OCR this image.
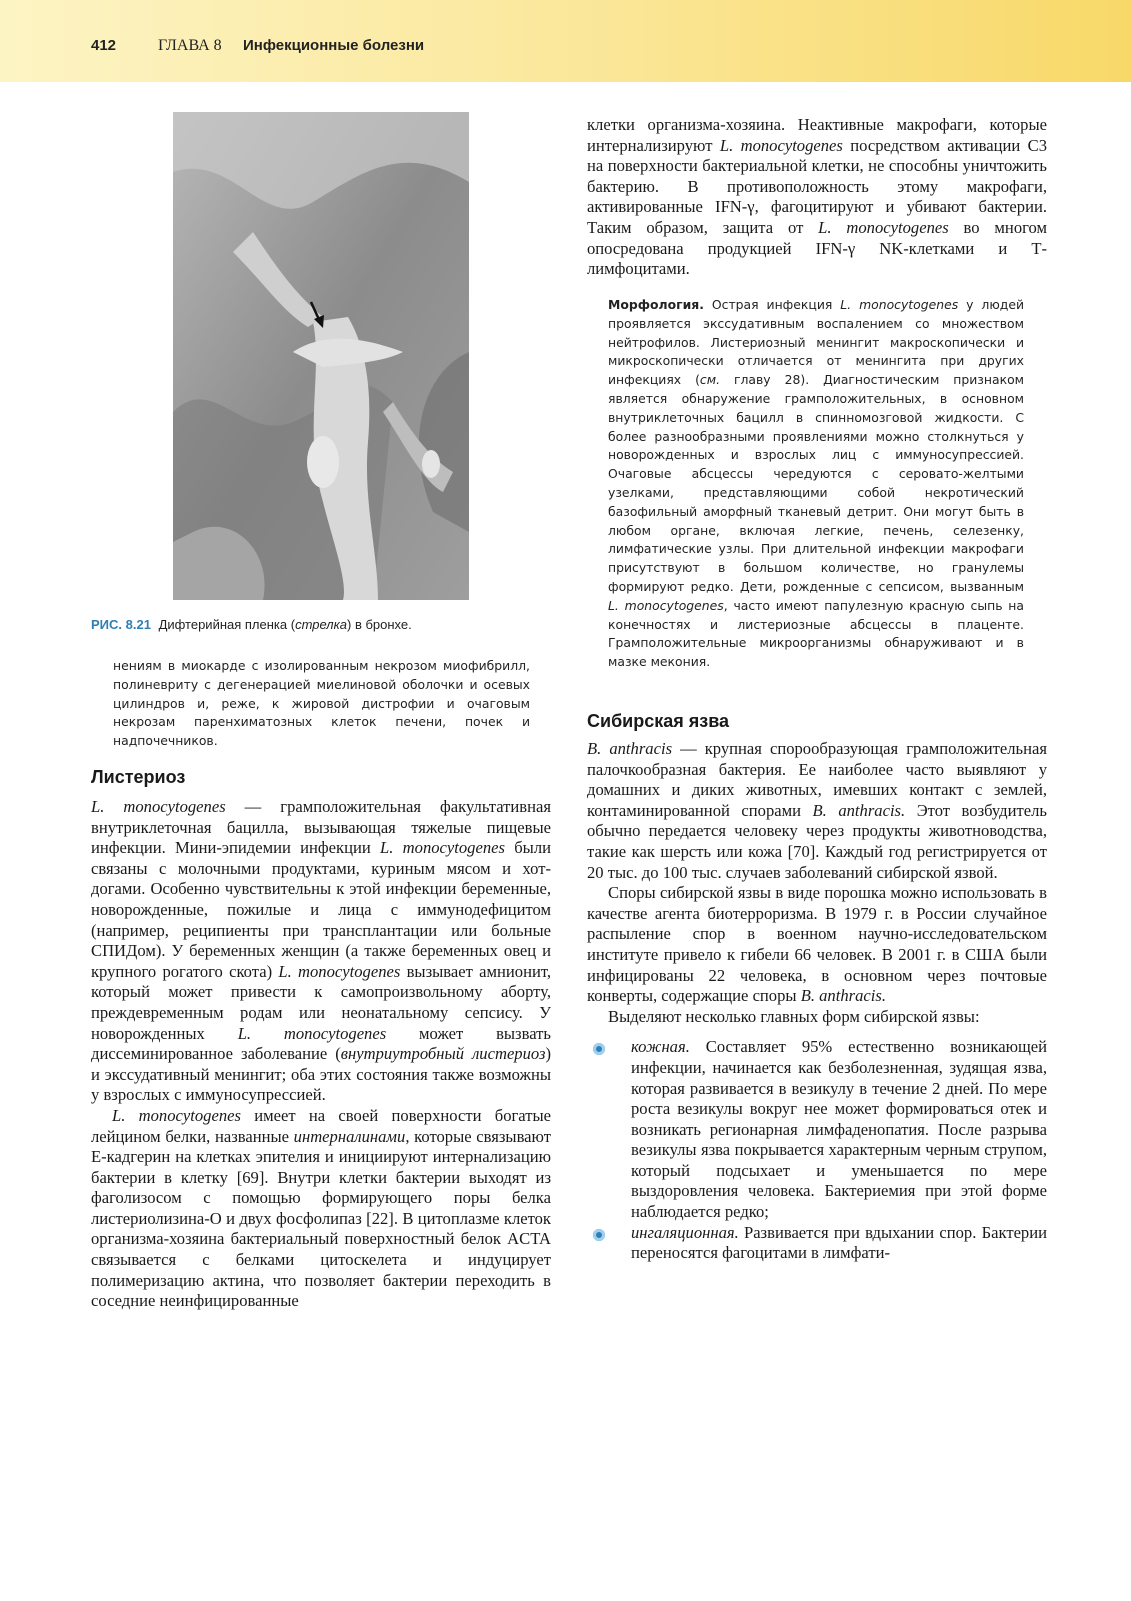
412	ГЛАВА 8 Инфекционные болезни
РИС. 8.21 Дифтерийная пленка (стрелка) в бронхе.
нениям в миокарде с изолированным некрозом миофибрилл, полиневриту с дегенерацией миелиновой оболочки и осевых цилиндров и, реже, к жировой дистрофии и очаговым некрозам паренхиматозных клеток печени, почек и надпочечников.
Листериоз

L. monocytogenes — грамположительная факультативная внутриклеточная бацилла, вызывающая тяжелые пищевые инфекции. Мини-эпидемии инфекции L. monocytogenes были связаны с молочными продуктами, куриным мясом и хот-догами. Особенно чувствительны к этой инфекции беременные, новорожденные, пожилые и лица с иммунодефицитом (например, реципиенты при трансплантации или больные СПИДом). У беременных женщин (а также беременных овец и крупного рогатого скота) L. monocytogenes вызывает амнионит, который может привести к самопроизвольному аборту, преждевременным родам или неонатальному сепсису. У новорожденных L. monocytogenes может вызвать диссеминированное заболевание (внутриутробный листериоз) и экссудативный менингит; оба этих состояния также возможны у взрослых с иммуносупрессией.

L. monocytogenes имеет на своей поверхности богатые лейцином белки, названные интерналинами, которые связывают Е-кадгерин на клетках эпителия и инициируют интернализацию бактерии в клетку [69]. Внутри клетки бактерии выходят из фаголизосом с помощью формирующего поры белка листериолизина-О и двух фосфолипаз [22]. В цитоплазме клеток организма-хозяина бактериальный поверхностный белок ACTA связывается с белками цитоскелета и индуцирует полимеризацию актина, что позволяет бактерии переходить в соседние неинфицированные

клетки организма-хозяина. Неактивные макрофаги, которые интернализируют L. monocytogenes посредством активации С3 на поверхности бактериальной клетки, не способны уничтожить бактерию. В противоположность этому макрофаги, активированные IFN-γ, фагоцитируют и убивают бактерии. Таким образом, защита от L. monocytogenes во многом опосредована продукцией IFN-γ NK-клетками и Т-лимфоцитами.

Морфология. Острая инфекция L. monocytogenes у людей проявляется экссудативным воспалением со множеством нейтрофилов. Листериозный менингит макроскопически и микроскопически отличается от менингита при других инфекциях (см. главу 28). Диагностическим признаком является обнаружение грамположительных, в основном внутриклеточных бацилл в спинномозговой жидкости. С более разнообразными проявлениями можно столкнуться у новорожденных и взрослых лиц с иммуносупрессией. Очаговые абсцессы чередуются с серовато-желтыми узелками, представляющими собой некротический базофильный аморфный тканевый детрит. Они могут быть в любом органе, включая легкие, печень, селезенку, лимфатические узлы. При длительной инфекции макрофаги присутствуют в большом количестве, но гранулемы формируют редко. Дети, рожденные с сепсисом, вызванным L. monocytogenes, часто имеют папулезную красную сыпь на конечностях и листериозные абсцессы в плаценте. Грамположительные микроорганизмы обнаруживают и в мазке мекония.
Сибирская язва

B. anthracis — крупная спорообразующая грамположительная палочкообразная бактерия. Ее наиболее часто выявляют у домашних и диких животных, имевших контакт с землей, контаминированной спорами B. anthracis. Этот возбудитель обычно передается человеку через продукты животноводства, такие как шерсть или кожа [70]. Каждый год регистрируется от 20 тыс. до 100 тыс. случаев заболеваний сибирской язвой.

Споры сибирской язвы в виде порошка можно использовать в качестве агента биотерроризма. В 1979 г. в России случайное распыление спор в военном научно-исследовательском институте привело к гибели 66 человек. В 2001 г. в США были инфицированы 22 человека, в основном через почтовые конверты, содержащие споры B. anthracis.

Выделяют несколько главных форм сибирской язвы:

кожная. Составляет 95% естественно возникающей инфекции, начинается как безболезненная, зудящая язва, которая развивается в везикулу в течение 2 дней. По мере роста везикулы вокруг нее может формироваться отек и возникать регионарная лимфаденопатия. После разрыва везикулы язва покрывается характерным черным струпом, который подсыхает и уменьшается по мере выздоровления человека. Бактериемия при этой форме наблюдается редко;
ингаляционная. Развивается при вдыхании спор. Бактерии переносятся фагоцитами в лимфати-
